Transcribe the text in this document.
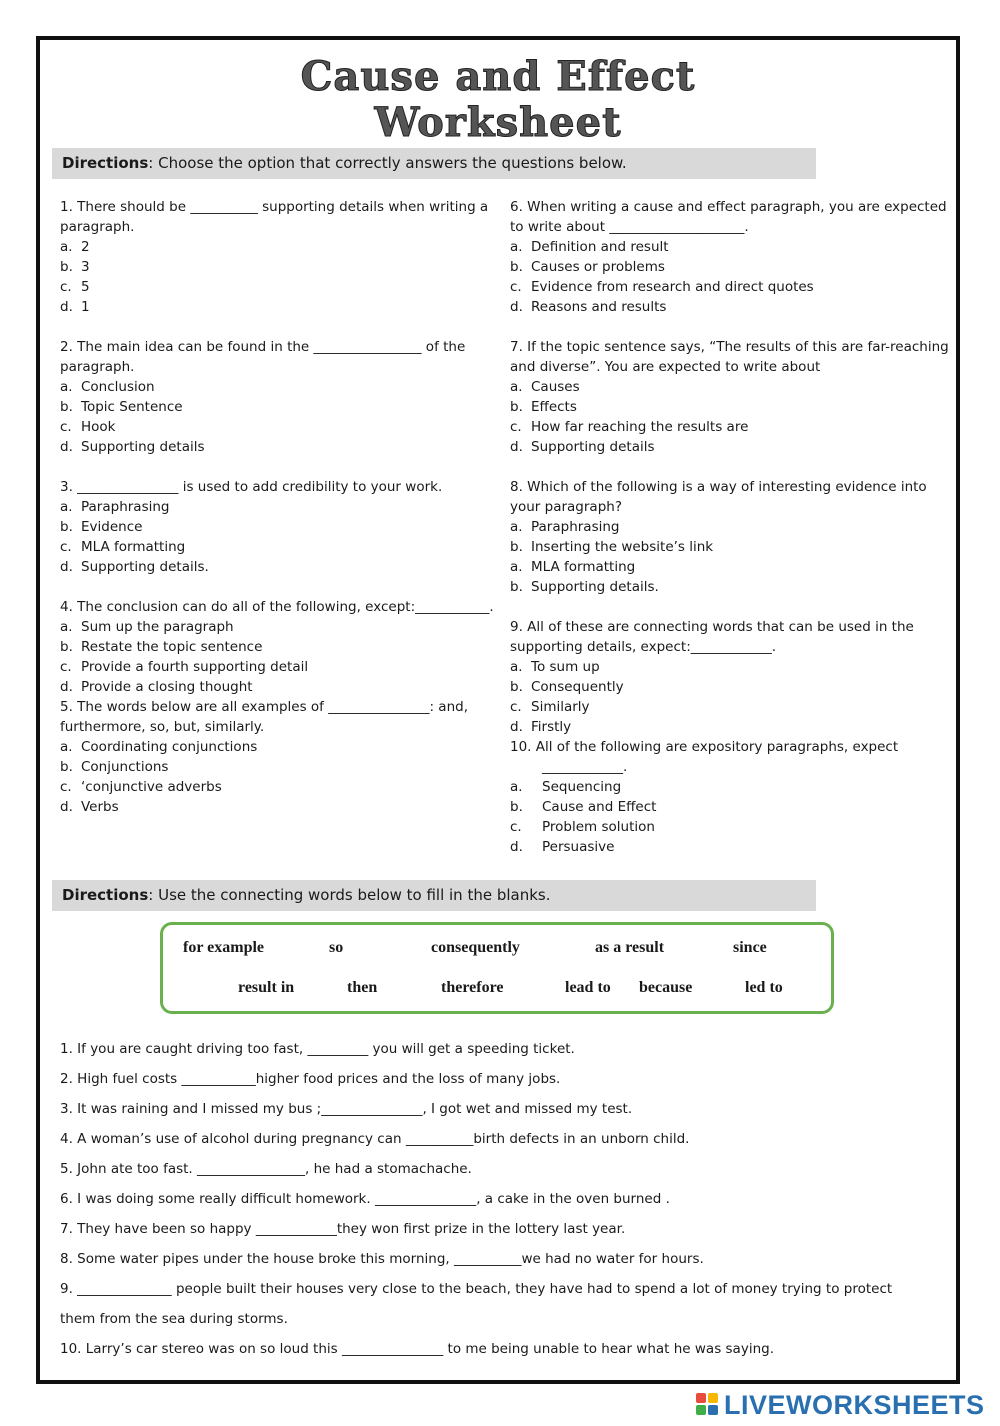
Cause and Effect
Worksheet
Directions: Choose the option that correctly answers the questions below.
1. There should be __________ supporting details when writing a paragraph.
a. 2
b. 3
c. 5
d. 1
2. The main idea can be found in the ________________ of the paragraph.
a. Conclusion
b. Topic Sentence
c. Hook
d. Supporting details
3. _______________ is used to add credibility to your work.
a. Paraphrasing
b. Evidence
c. MLA formatting
d. Supporting details.
4. The conclusion can do all of the following, except:___________.
a. Sum up the paragraph
b. Restate the topic sentence
c. Provide a fourth supporting detail
d. Provide a closing thought
5. The words below are all examples of _______________: and, furthermore, so, but, similarly.
a. Coordinating conjunctions
b. Conjunctions
c. ‘conjunctive adverbs
d. Verbs
6. When writing a cause and effect paragraph, you are expected to write about ____________________.
a. Definition and result
b. Causes or problems
c. Evidence from research and direct quotes
d. Reasons and results
7. If the topic sentence says, “The results of this are far-reaching and diverse”. You are expected to write about
a. Causes
b. Effects
c. How far reaching the results are
d. Supporting details
8. Which of the following is a way of interesting evidence into your paragraph?
a. Paraphrasing
b. Inserting the website’s link
a. MLA formatting
b. Supporting details.
9. All of these are connecting words that can be used in the supporting details, expect:____________.
a. To sum up
b. Consequently
c. Similarly
d. Firstly
10. All of the following are expository paragraphs, expect
____________.
a. Sequencing
b. Cause and Effect
c. Problem solution
d. Persuasive
Directions: Use the connecting words below to fill in the blanks.
for example	so	consequently	as a result	since
result in	then	therefore	lead to because	led to
1. If you are caught driving too fast, _________ you will get a speeding ticket.
2. High fuel costs ___________higher food prices and the loss of many jobs.
3. It was raining and I missed my bus ;_______________, I got wet and missed my test.
4. A woman’s use of alcohol during pregnancy can __________birth defects in an unborn child.
5. John ate too fast. ________________, he had a stomachache.
6. I was doing some really difficult homework. _______________, a cake in the oven burned .
7. They have been so happy ____________they won first prize in the lottery last year.
8. Some water pipes under the house broke this morning, __________we had no water for hours.
9. ______________ people built their houses very close to the beach, they have had to spend a lot of money trying to protect
them from the sea during storms.
10. Larry’s car stereo was on so loud this _______________ to me being unable to hear what he was saying.
LIVEWORKSHEETS
